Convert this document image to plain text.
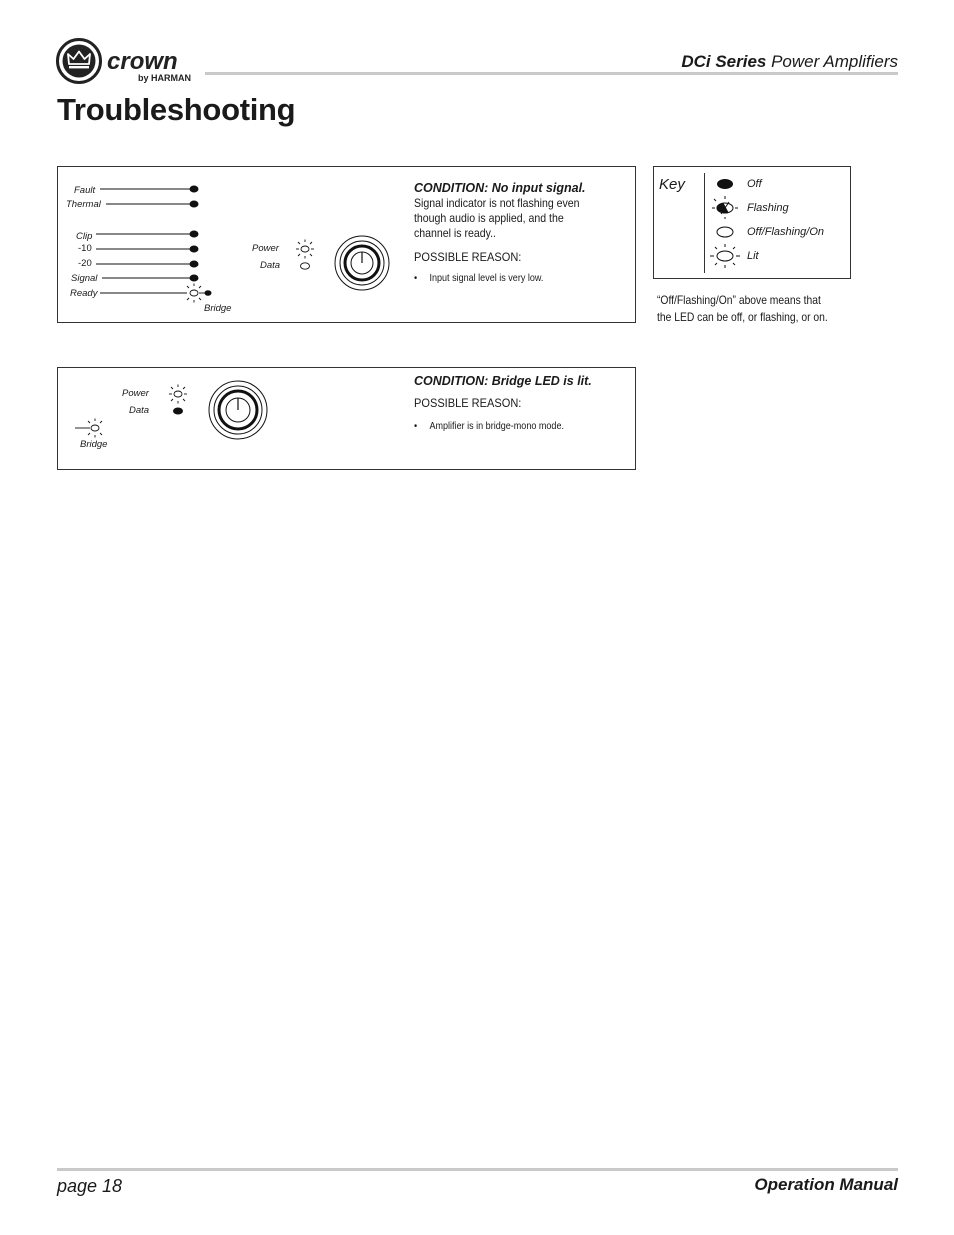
crown
by HARMAN
DCi Series Power Amplifiers
Troubleshooting
Fault
Thermal
Clip
-10
-20
Signal
Ready
Bridge
Power
Data
CONDITION: No input signal.
Signal indicator is not flashing even though audio is applied, and the channel is ready..
POSSIBLE REASON:
• Input signal level is very low.
Power
Data
Bridge
CONDITION: Bridge LED is lit.
POSSIBLE REASON:
• Amplifier is in bridge-mono mode.
Key	Off
Flashing
Off/Flashing/On
Lit
“Off/Flashing/On” above means that the LED can be off, or flashing, or on.
page 18	Operation Manual
